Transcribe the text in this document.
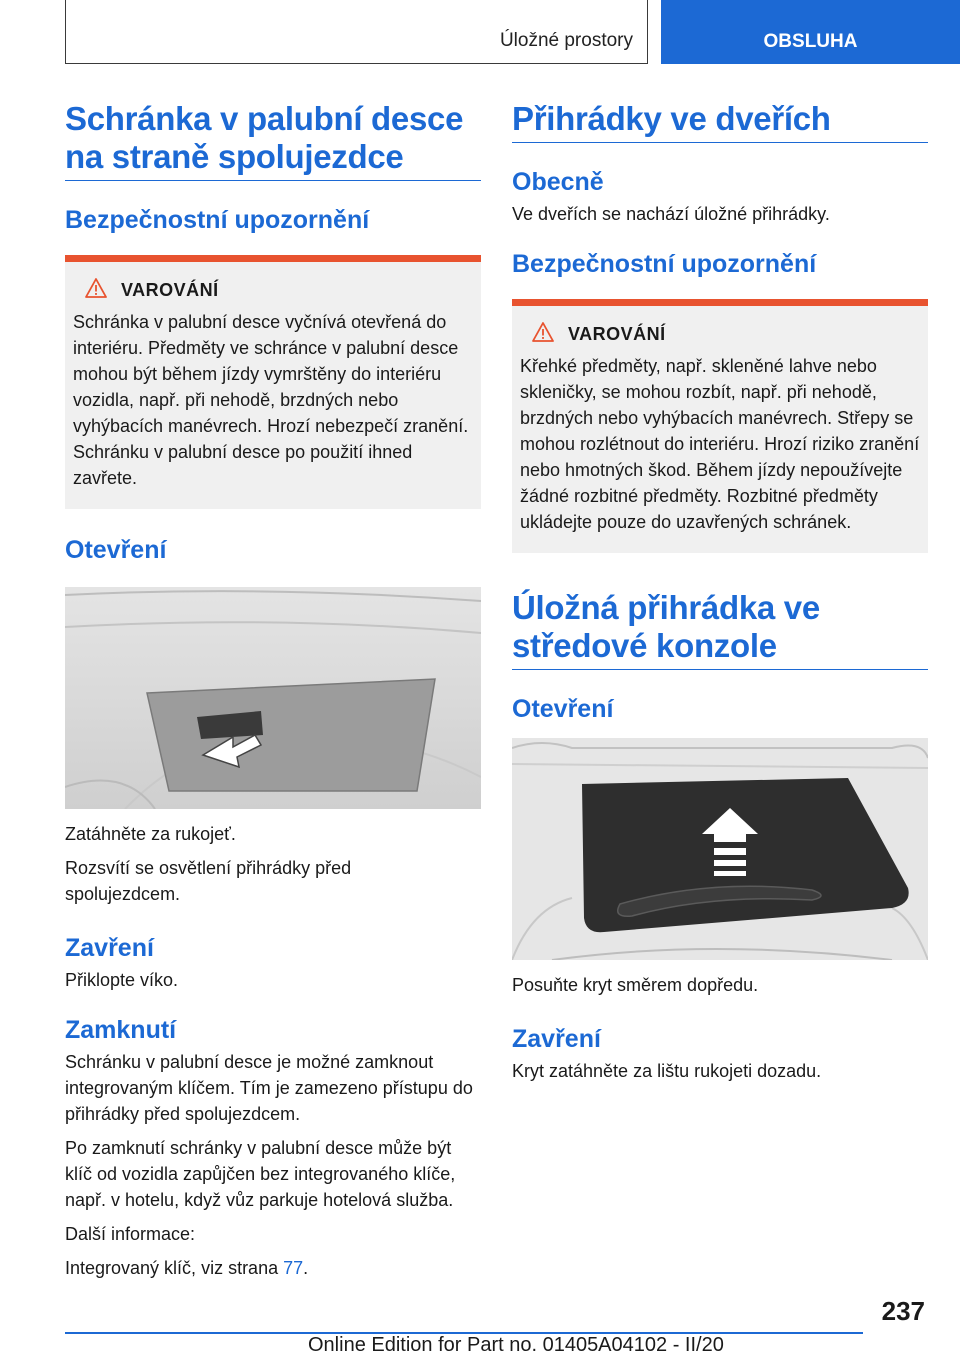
Úložné prostory	OBSLUHA
Schránka v palubní desce na straně spolujezdce
Bezpečnostní upozornění
VAROVÁNÍ

Schránka v palubní desce vyčnívá otevřená do interiéru. Předměty ve schránce v palubní desce mohou být během jízdy vymrštěny do interiéru vozidla, např. při nehodě, brzdných nebo vyhýbacích manévrech. Hrozí nebezpečí zranění. Schránku v palubní desce po použití ihned zavřete.

Otevření

Zatáhněte za rukojeť.

Rozsvítí se osvětlení přihrádky před spolujezdcem.

Zavření

Přiklopte víko.

Zamknutí

Schránku v palubní desce je možné zamknout integrovaným klíčem. Tím je zamezeno přístupu do přihrádky před spolujezdcem.

Po zamknutí schránky v palubní desce může být klíč od vozidla zapůjčen bez integrovaného klíče, např. v hotelu, když vůz parkuje hotelová služba.

Další informace:

Integrovaný klíč, viz strana 77.

Přihrádky ve dveřích
Obecně

Ve dveřích se nachází úložné přihrádky.

Bezpečnostní upozornění
VAROVÁNÍ

Křehké předměty, např. skleněné lahve nebo skleničky, se mohou rozbít, např. při nehodě, brzdných nebo vyhýbacích manévrech. Střepy se mohou rozlétnout do interiéru. Hrozí riziko zranění nebo hmotných škod. Během jízdy nepoužívejte žádné rozbitné předměty. Rozbitné předměty ukládejte pouze do uzavřených schránek.

Úložná přihrádka ve středové konzole
Otevření

Posuňte kryt směrem dopředu.

Zavření

Kryt zatáhněte za lištu rukojeti dozadu.

237
Online Edition for Part no. 01405A04102 - II/20
